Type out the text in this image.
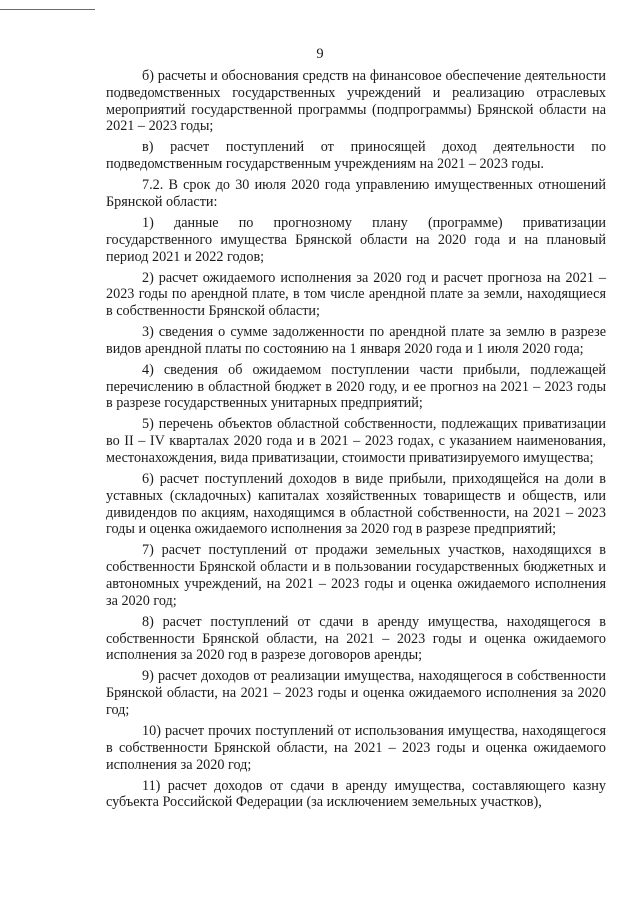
9

б) расчеты и обоснования средств на финансовое обеспечение деятельности подведомственных государственных учреждений и реализацию отраслевых мероприятий государственной программы (подпрограммы) Брянской области на 2021 – 2023 годы;

в) расчет поступлений от приносящей доход деятельности по подведомственным государственным учреждениям на 2021 – 2023 годы.

7.2. В срок до 30 июля 2020 года управлению имущественных отношений Брянской области:

1) данные по прогнозному плану (программе) приватизации государственного имущества Брянской области на 2020 года и на плановый период 2021 и 2022 годов;

2) расчет ожидаемого исполнения за 2020 год и расчет прогноза на 2021 – 2023 годы по арендной плате, в том числе арендной плате за земли, находящиеся в собственности Брянской области;

3) сведения о сумме задолженности по арендной плате за землю в разрезе видов арендной платы по состоянию на 1 января 2020 года и 1 июля 2020 года;

4) сведения об ожидаемом поступлении части прибыли, подлежащей перечислению в областной бюджет в 2020 году, и ее прогноз на 2021 – 2023 годы в разрезе государственных унитарных предприятий;

5) перечень объектов областной собственности, подлежащих приватизации во II – IV кварталах 2020 года и в 2021 – 2023 годах, с указанием наименования, местонахождения, вида приватизации, стоимости приватизируемого имущества;

6) расчет поступлений доходов в виде прибыли, приходящейся на доли в уставных (складочных) капиталах хозяйственных товариществ и обществ, или дивидендов по акциям, находящимся в областной собственности, на 2021 – 2023 годы и оценка ожидаемого исполнения за 2020 год в разрезе предприятий;

7) расчет поступлений от продажи земельных участков, находящихся в собственности Брянской области и в пользовании государственных бюджетных и автономных учреждений, на 2021 – 2023 годы и оценка ожидаемого исполнения за 2020 год;

8) расчет поступлений от сдачи в аренду имущества, находящегося в собственности Брянской области, на 2021 – 2023 годы и оценка ожидаемого исполнения за 2020 год в разрезе договоров аренды;

9) расчет доходов от реализации имущества, находящегося в собственности Брянской области, на 2021 – 2023 годы и оценка ожидаемого исполнения за 2020 год;

10) расчет прочих поступлений от использования имущества, находящегося в собственности Брянской области, на 2021 – 2023 годы и оценка ожидаемого исполнения за 2020 год;

11) расчет доходов от сдачи в аренду имущества, составляющего казну субъекта Российской Федерации (за исключением земельных участков),
